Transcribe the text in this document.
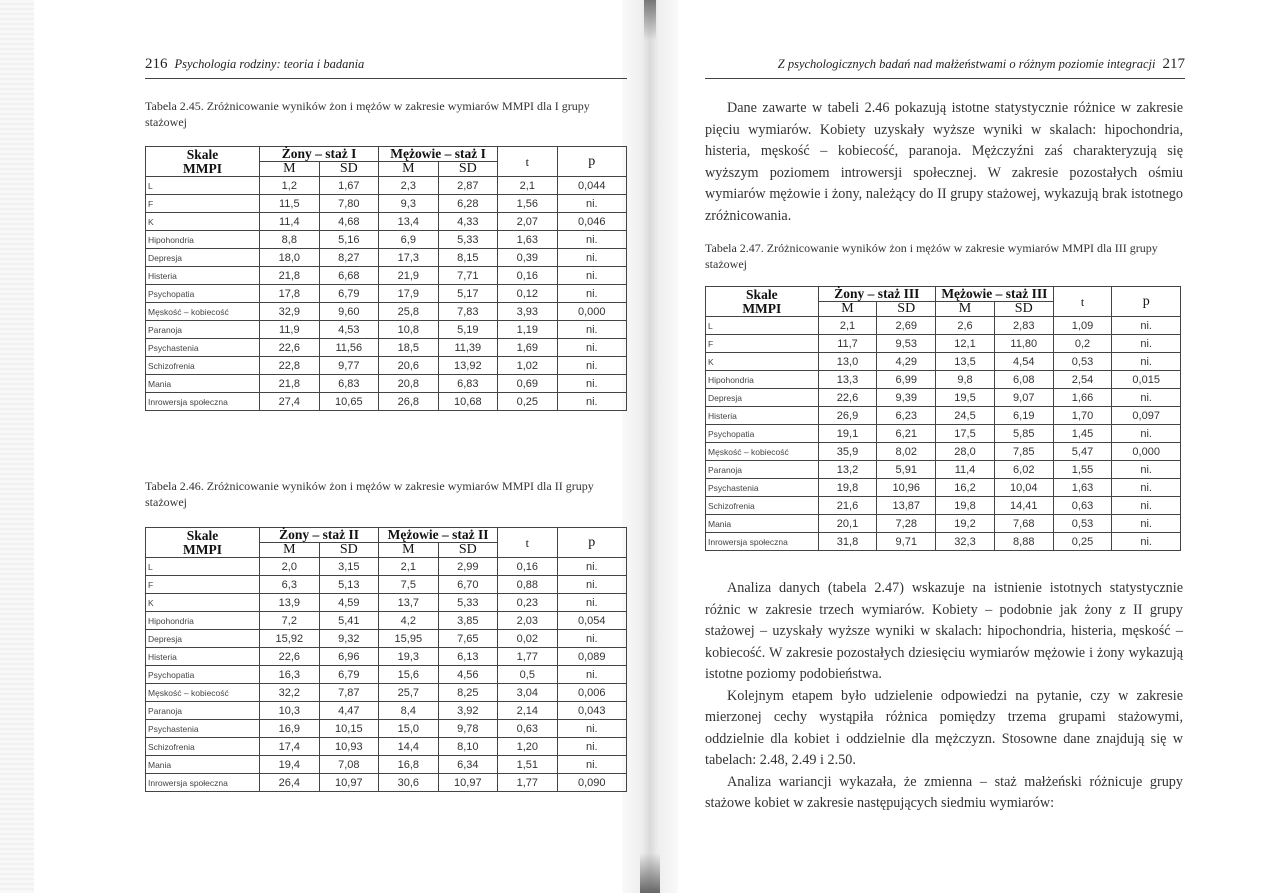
216 Psychologia rodziny: teoria i badania
Tabela 2.45. Zróżnicowanie wyników żon i mężów w zakresie wymiarów MMPI dla I grupy stażowej
Skale
MMPI	Żony – staż I		Mężowie – staż I		t	p
	M	SD	M	SD		
L	1,2	1,67	2,3	2,87	2,1	0,044
F	11,5	7,80	9,3	6,28	1,56	ni.
K	11,4	4,68	13,4	4,33	2,07	0,046
Hipohondria	8,8	5,16	6,9	5,33	1,63	ni.
Depresja	18,0	8,27	17,3	8,15	0,39	ni.
Histeria	21,8	6,68	21,9	7,71	0,16	ni.
Psychopatia	17,8	6,79	17,9	5,17	0,12	ni.
Męskość – kobiecość	32,9	9,60	25,8	7,83	3,93	0,000
Paranoja	11,9	4,53	10,8	5,19	1,19	ni.
Psychastenia	22,6	11,56	18,5	11,39	1,69	ni.
Schizofrenia	22,8	9,77	20,6	13,92	1,02	ni.
Mania	21,8	6,83	20,8	6,83	0,69	ni.
Inrowersja społeczna	27,4	10,65	26,8	10,68	0,25	ni.
Tabela 2.46. Zróżnicowanie wyników żon i mężów w zakresie wymiarów MMPI dla II grupy stażowej
Skale
MMPI	Żony – staż II		Mężowie – staż II		t	p
	M	SD	M	SD		
L	2,0	3,15	2,1	2,99	0,16	ni.
F	6,3	5,13	7,5	6,70	0,88	ni.
K	13,9	4,59	13,7	5,33	0,23	ni.
Hipohondria	7,2	5,41	4,2	3,85	2,03	0,054
Depresja	15,92	9,32	15,95	7,65	0,02	ni.
Histeria	22,6	6,96	19,3	6,13	1,77	0,089
Psychopatia	16,3	6,79	15,6	4,56	0,5	ni.
Męskość – kobiecość	32,2	7,87	25,7	8,25	3,04	0,006
Paranoja	10,3	4,47	8,4	3,92	2,14	0,043
Psychastenia	16,9	10,15	15,0	9,78	0,63	ni.
Schizofrenia	17,4	10,93	14,4	8,10	1,20	ni.
Mania	19,4	7,08	16,8	6,34	1,51	ni.
Inrowersja społeczna	26,4	10,97	30,6	10,97	1,77	0,090
Z psychologicznych badań nad małżeństwami o różnym poziomie integracji 217

Dane zawarte w tabeli 2.46 pokazują istotne statystycznie różnice w zakresie pięciu wymiarów. Kobiety uzyskały wyższe wyniki w skalach: hipochondria, histeria, męskość – kobiecość, paranoja. Mężczyźni zaś charakteryzują się wyższym poziomem introwersji społecznej. W zakresie pozostałych ośmiu wymiarów mężowie i żony, należący do II grupy stażowej, wykazują brak istotnego zróżnicowania.

Tabela 2.47. Zróżnicowanie wyników żon i mężów w zakresie wymiarów MMPI dla III grupy stażowej
Skale
MMPI	Żony – staż III		Mężowie – staż III		t	p
	M	SD	M	SD		
L	2,1	2,69	2,6	2,83	1,09	ni.
F	11,7	9,53	12,1	11,80	0,2	ni.
K	13,0	4,29	13,5	4,54	0,53	ni.
Hipohondria	13,3	6,99	9,8	6,08	2,54	0,015
Depresja	22,6	9,39	19,5	9,07	1,66	ni.
Histeria	26,9	6,23	24,5	6,19	1,70	0,097
Psychopatia	19,1	6,21	17,5	5,85	1,45	ni.
Męskość – kobiecość	35,9	8,02	28,0	7,85	5,47	0,000
Paranoja	13,2	5,91	11,4	6,02	1,55	ni.
Psychastenia	19,8	10,96	16,2	10,04	1,63	ni.
Schizofrenia	21,6	13,87	19,8	14,41	0,63	ni.
Mania	20,1	7,28	19,2	7,68	0,53	ni.
Inrowersja społeczna	31,8	9,71	32,3	8,88	0,25	ni.

Analiza danych (tabela 2.47) wskazuje na istnienie istotnych statystycznie różnic w zakresie trzech wymiarów. Kobiety – podobnie jak żony z II grupy stażowej – uzyskały wyższe wyniki w skalach: hipochondria, histeria, męskość – kobiecość. W zakresie pozostałych dziesięciu wymiarów mężowie i żony wykazują istotne poziomy podobieństwa.

Kolejnym etapem było udzielenie odpowiedzi na pytanie, czy w zakresie mierzonej cechy wystąpiła różnica pomiędzy trzema grupami stażowymi, oddzielnie dla kobiet i oddzielnie dla mężczyzn. Stosowne dane znajdują się w tabelach: 2.48, 2.49 i 2.50.

Analiza wariancji wykazała, że zmienna – staż małżeński różnicuje grupy stażowe kobiet w zakresie następujących siedmiu wymiarów:
